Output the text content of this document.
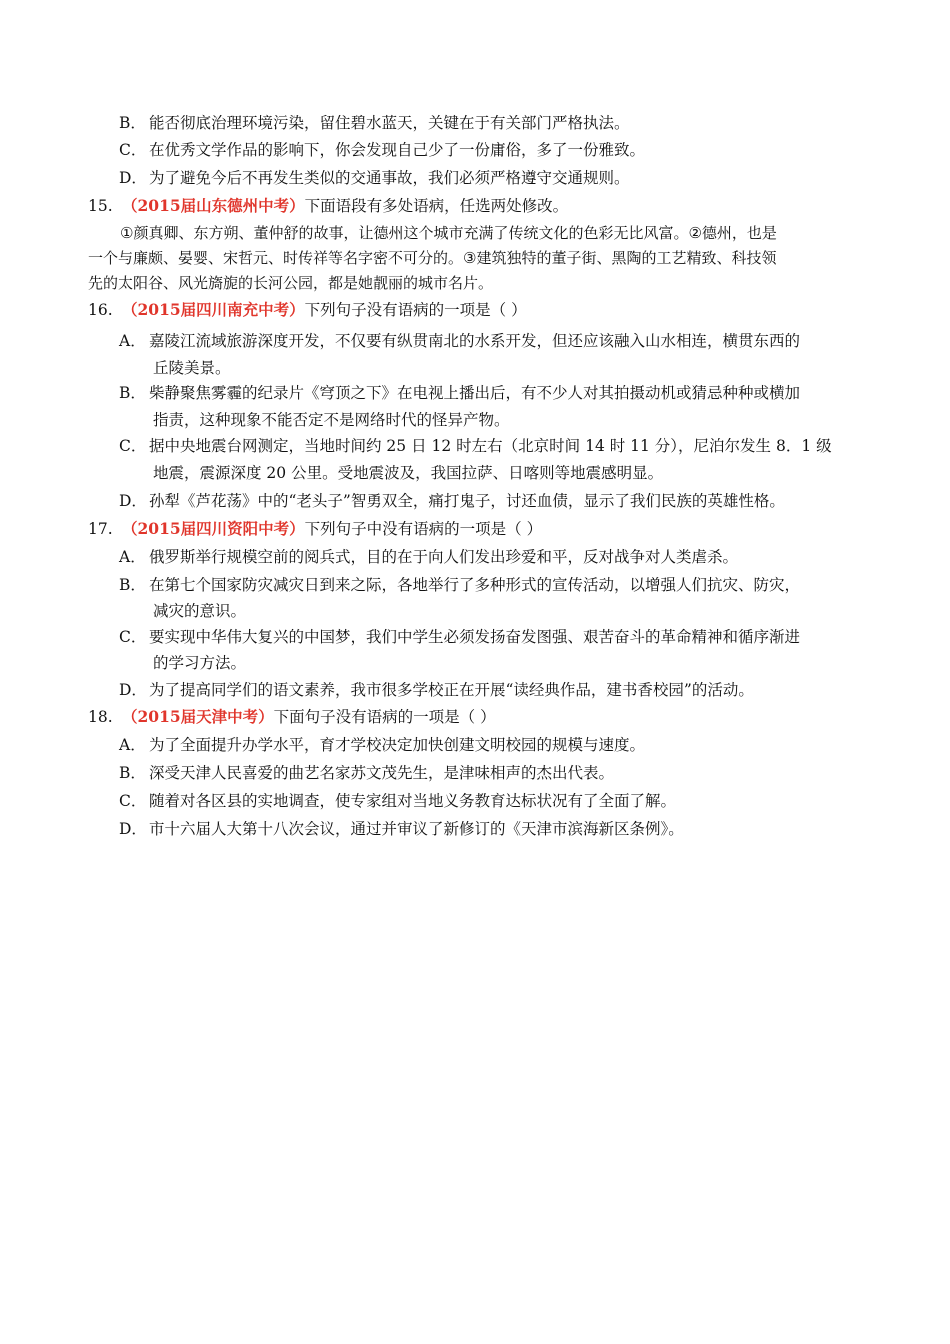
B． 能否彻底治理环境污染，留住碧水蓝天，关键在于有关部门严格执法。
C． 在优秀文学作品的影响下，你会发现自己少了一份庸俗，多了一份雅致。
D． 为了避免今后不再发生类似的交通事故，我们必须严格遵守交通规则。
15. （2015届山东德州中考）下面语段有多处语病，任选两处修改。
①颜真卿、东方朔、董仲舒的故事，让德州这个城市充满了传统文化的色彩无比风富。②德州，也是
一个与廉颇、晏婴、宋哲元、时传祥等名字密不可分的。③建筑独特的董子街、黑陶的工艺精致、科技领
先的太阳谷、风光旖旎的长河公园，都是她靓丽的城市名片。
16. （2015届四川南充中考）下列句子没有语病的一项是（ ）
A． 嘉陵江流域旅游深度开发，不仅要有纵贯南北的水系开发，但还应该融入山水相连，横贯东西的
丘陵美景。
B． 柴静聚焦雾霾的纪录片《穹顶之下》在电视上播出后，有不少人对其拍摄动机或猜忌种种或横加
指责，这种现象不能否定不是网络时代的怪异产物。
C． 据中央地震台网测定，当地时间约 25 日 12 时左右（北京时间 14 时 11 分），尼泊尔发生 8．1 级
地震，震源深度 20 公里。受地震波及，我国拉萨、日喀则等地震感明显。
D． 孙犁《芦花荡》中的“老头子”智勇双全，痛打鬼子，讨还血债，显示了我们民族的英雄性格。
17. （2015届四川资阳中考）下列句子中没有语病的一项是（ ）
A． 俄罗斯举行规模空前的阅兵式，目的在于向人们发出珍爱和平，反对战争对人类虐杀。
B． 在第七个国家防灾减灾日到来之际，各地举行了多种形式的宣传活动，以增强人们抗灾、防灾，
减灾的意识。
C． 要实现中华伟大复兴的中国梦，我们中学生必须发扬奋发图强、艰苦奋斗的革命精神和循序渐进
的学习方法。
D． 为了提高同学们的语文素养，我市很多学校正在开展“读经典作品，建书香校园”的活动。
18. （2015届天津中考）下面句子没有语病的一项是（ ）
A． 为了全面提升办学水平，育才学校决定加快创建文明校园的规模与速度。
B． 深受天津人民喜爱的曲艺名家苏文茂先生，是津味相声的杰出代表。
C． 随着对各区县的实地调查，使专家组对当地义务教育达标状况有了全面了解。
D． 市十六届人大第十八次会议，通过并审议了新修订的《天津市滨海新区条例》。
